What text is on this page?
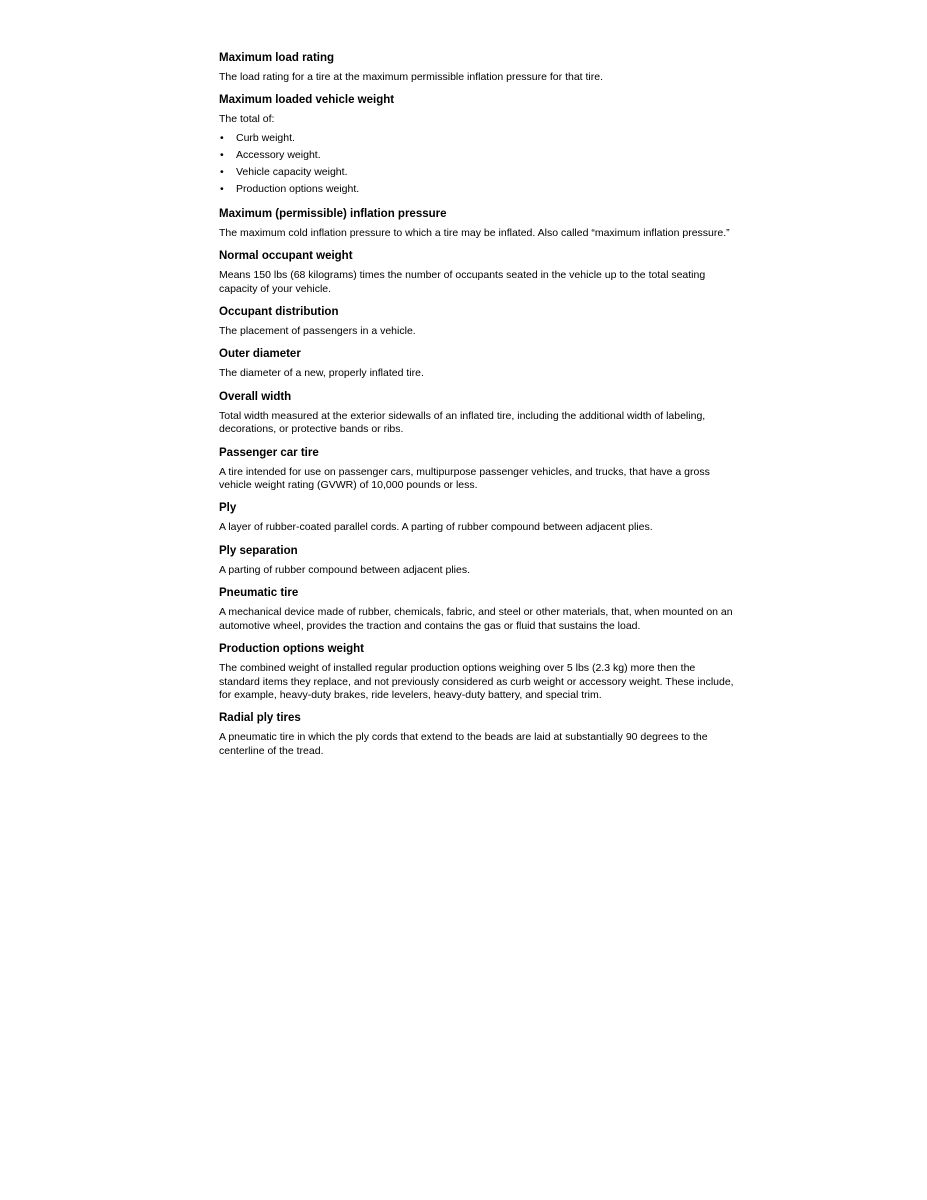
Maximum load rating
The load rating for a tire at the maximum permissible inflation pressure for that tire.
Maximum loaded vehicle weight
The total of:
• Curb weight.
• Accessory weight.
• Vehicle capacity weight.
• Production options weight.
Maximum (permissible) inflation pressure
The maximum cold inflation pressure to which a tire may be inflated. Also called “maximum inflation pressure.”
Normal occupant weight
Means 150 lbs (68 kilograms) times the number of occupants seated in the vehicle up to the total seating capacity of your vehicle.
Occupant distribution
The placement of passengers in a vehicle.
Outer diameter
The diameter of a new, properly inflated tire.
Overall width
Total width measured at the exterior sidewalls of an inflated tire, including the additional width of labeling, decorations, or protective bands or ribs.
Passenger car tire
A tire intended for use on passenger cars, multipurpose passenger vehicles, and trucks, that have a gross vehicle weight rating (GVWR) of 10,000 pounds or less.
Ply
A layer of rubber-coated parallel cords. A parting of rubber compound between adjacent plies.
Ply separation
A parting of rubber compound between adjacent plies.
Pneumatic tire
A mechanical device made of rubber, chemicals, fabric, and steel or other materials, that, when mounted on an automotive wheel, provides the traction and contains the gas or fluid that sustains the load.
Production options weight
The combined weight of installed regular production options weighing over 5 lbs (2.3 kg) more then the standard items they replace, and not previously considered as curb weight or accessory weight. These include, for example, heavy-duty brakes, ride levelers, heavy-duty battery, and special trim.
Radial ply tires
A pneumatic tire in which the ply cords that extend to the beads are laid at substantially 90 degrees to the centerline of the tread.
